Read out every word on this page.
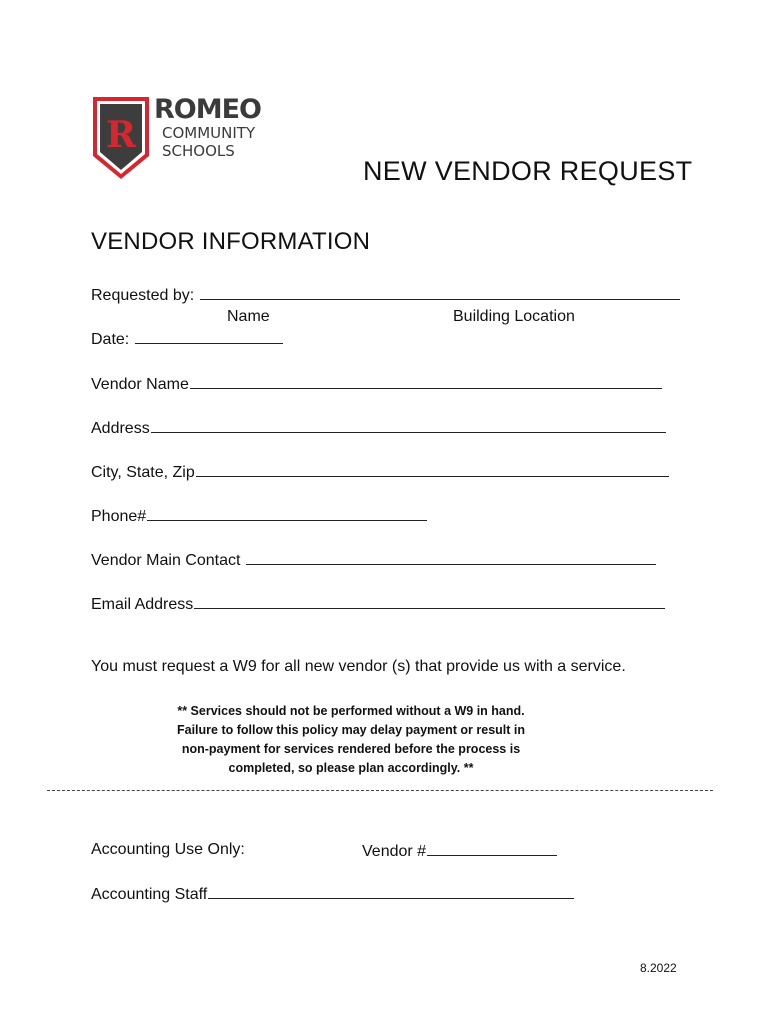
R
ROMEO
COMMUNITY
SCHOOLS
NEW VENDOR REQUEST
VENDOR INFORMATION
Requested by:
Name	Building Location
Date:
Vendor Name
Address
City, State, Zip
Phone#
Vendor Main Contact
Email Address
You must request a W9 for all new vendor (s) that provide us with a service.
** Services should not be performed without a W9 in hand. Failure to follow this policy may delay payment or result in non-payment for services rendered before the process is completed, so please plan accordingly. **
Accounting Use Only:	Vendor #
Accounting Staff
8.2022
